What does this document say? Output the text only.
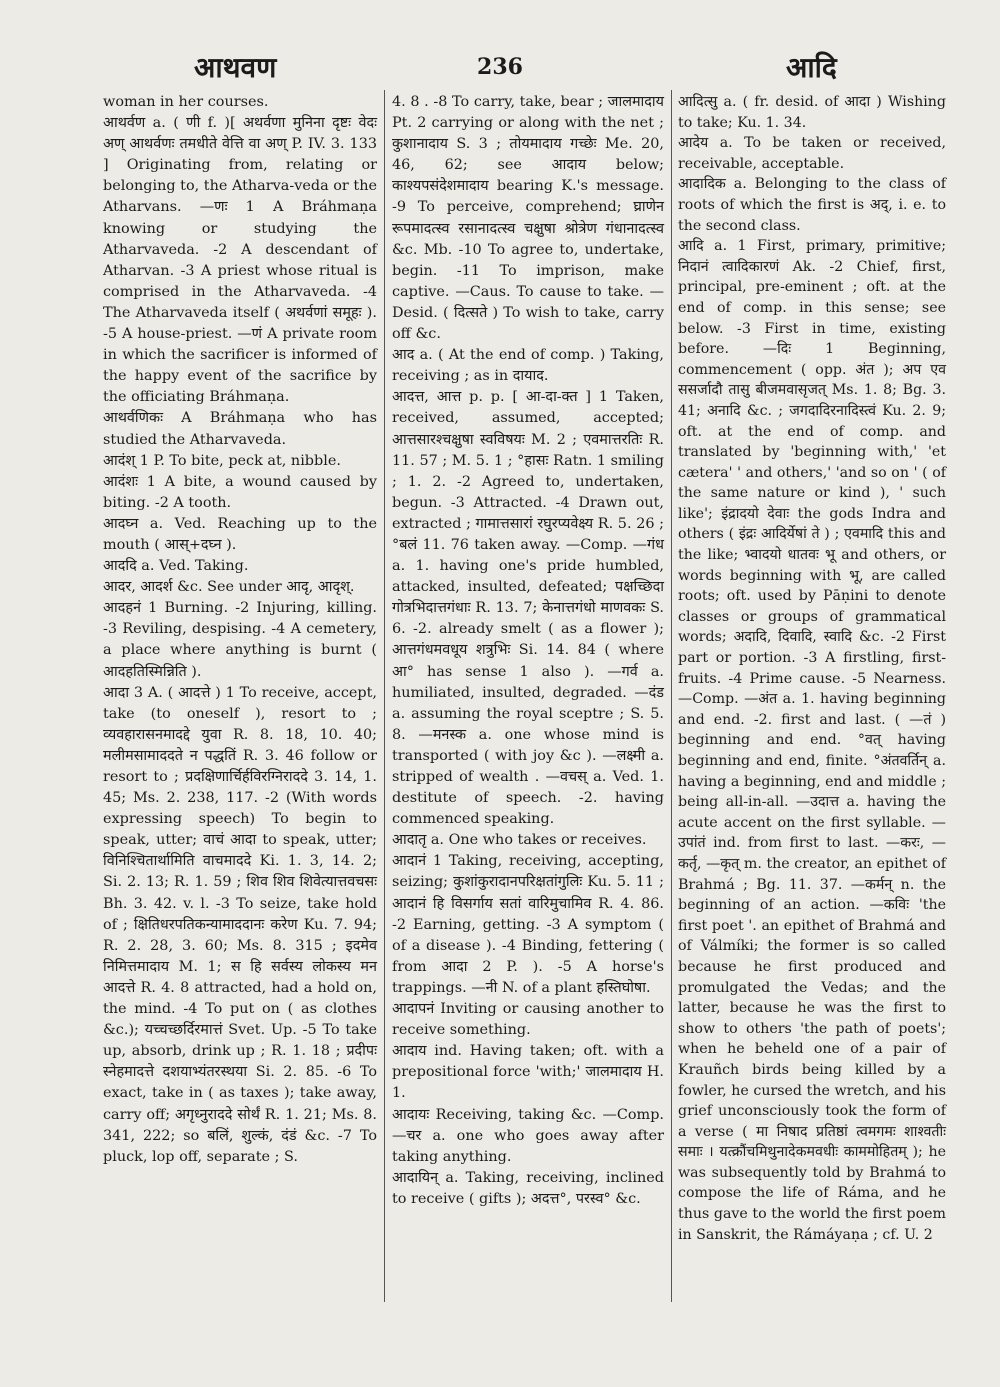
आथवण	236	आदि

woman in her courses.

आथर्वण a. ( णी f. )[ अथर्वणा मुनिना दृष्टः वेदः अण् आथर्वणः तमधीते वेत्ति वा अण् P. IV. 3. 133 ] Originating from, relating or belonging to, the Atharva-veda or the Atharvans. —णः 1 A Bráhmaṇa knowing or studying the Atharvaveda. -2 A descendant of Atharvan. -3 A priest whose ritual is comprised in the Atharvaveda. -4 The Atharvaveda itself ( अथर्वणां समूहः ). -5 A house-priest. —णं A private room in which the sacrificer is informed of the happy event of the sacrifice by the officiating Bráhmaṇa.

आथर्वणिकः A Bráhmaṇa who has studied the Atharvaveda.

आदंश् 1 P. To bite, peck at, nibble.

आदंशः 1 A bite, a wound caused by biting. -2 A tooth.

आदघ्न a. Ved. Reaching up to the mouth ( आस्+दघ्न ).

आददि a. Ved. Taking.

आदर, आदर्श &c. See under आदृ, आदृश्.

आदहनं 1 Burning. -2 Injuring, killing. -3 Reviling, despising. -4 A cemetery, a place where anything is burnt ( आदहतिस्मिन्निति ).

आदा 3 A. ( आदत्ते ) 1 To receive, accept, take (to oneself ), resort to ; व्यवहारासनमादद्दे युवा R. 8. 18, 10. 40; मलीमसामाददते न पद्धतिं R. 3. 46 follow or resort to ; प्रदक्षिणार्चिर्हविरग्निराददे 3. 14, 1. 45; Ms. 2. 238, 117. -2 (With words expressing speech) To begin to speak, utter; वाचं आदा to speak, utter; विनिश्चितार्थामिति वाचमाददे Ki. 1. 3, 14. 2; Si. 2. 13; R. 1. 59 ; शिव शिव शिवेत्यात्तवचसः Bh. 3. 42. v. l. -3 To seize, take hold of ; क्षितिधरपतिकन्यामाददानः करेण Ku. 7. 94; R. 2. 28, 3. 60; Ms. 8. 315 ; इदमेव निमित्तमादाय M. 1; स हि सर्वस्य लोकस्य मन आदत्ते R. 4. 8 attracted, had a hold on, the mind. -4 To put on ( as clothes &c.); यच्चच्छर्दिरमात्तं Svet. Up. -5 To take up, absorb, drink up ; R. 1. 18 ; प्रदीपः स्नेहमादत्ते दशयाभ्यंतरस्थया Si. 2. 85. -6 To exact, take in ( as taxes ); take away, carry off; अगृध्नुराददे सोर्थं R. 1. 21; Ms. 8. 341, 222; so बलिं, शुल्कं, दंडं &c. -7 To pluck, lop off, separate ; S.

4. 8 . -8 To carry, take, bear ; जालमादाय Pt. 2 carrying or along with the net ; कुशानादाय S. 3 ; तोयमादाय गच्छेः Me. 20, 46, 62; see आदाय below; काश्यपसंदेशमादाय bearing K.'s message. -9 To perceive, comprehend; घ्राणेन रूपमादत्स्व रसानादत्स्व चक्षुषा श्रोत्रेण गंधानादत्स्व &c. Mb. -10 To agree to, undertake, begin. -11 To imprison, make captive. —Caus. To cause to take. —Desid. ( दित्सते ) To wish to take, carry off &c.

आद a. ( At the end of comp. ) Taking, receiving ; as in दायाद.

आदत्त, आत्त p. p. [ आ-दा-क्त ] 1 Taken, received, assumed, accepted; आत्तसारश्चक्षुषा स्वविषयः M. 2 ; एवमात्तरतिः R. 11. 57 ; M. 5. 1 ; °हासः Ratn. 1 smiling ; 1. 2. -2 Agreed to, undertaken, begun. -3 Attracted. -4 Drawn out, extracted ; गामात्तसारां रघुरप्यवेक्ष्य R. 5. 26 ; °बलं 11. 76 taken away. —Comp. —गंध a. 1. having one's pride humbled, attacked, insulted, defeated; पक्षच्छिदा गोत्रभिदात्तगंधाः R. 13. 7; केनात्तगंधो माणवकः S. 6. -2. already smelt ( as a flower ); आत्तगंधमवधूय शत्रुभिः Si. 14. 84 ( where आ° has sense 1 also ). —गर्व a. humiliated, insulted, degraded. —दंड a. assuming the royal sceptre ; S. 5. 8. —मनस्क a. one whose mind is transported ( with joy &c ). —लक्ष्मी a. stripped of wealth . —वचस् a. Ved. 1. destitute of speech. -2. having commenced speaking.

आदातृ a. One who takes or receives.

आदानं 1 Taking, receiving, accepting, seizing; कुशांकुरादानपरिक्षतांगुलिः Ku. 5. 11 ; आदानं हि विसर्गाय सतां वारिमुचामिव R. 4. 86. -2 Earning, getting. -3 A symptom ( of a disease ). -4 Binding, fettering ( from आदा 2 P. ). -5 A horse's trappings. —नी N. of a plant हस्तिघोषा.

आदापनं Inviting or causing another to receive something.

आदाय ind. Having taken; oft. with a prepositional force 'with;' जालमादाय H. 1.

आदायः Receiving, taking &c. —Comp. —चर a. one who goes away after taking anything.

आदायिन् a. Taking, receiving, inclined to receive ( gifts ); अदत्त°, परस्व° &c.

आदित्सु a. ( fr. desid. of आदा ) Wishing to take; Ku. 1. 34.

आदेय a. To be taken or received, receivable, acceptable.

आदादिक a. Belonging to the class of roots of which the first is अद्, i. e. to the second class.

आदि a. 1 First, primary, primitive; निदानं त्वादिकारणं Ak. -2 Chief, first, principal, pre-eminent ; oft. at the end of comp. in this sense; see below. -3 First in time, existing before. —दिः 1 Beginning, commencement ( opp. अंत ); अप एव ससर्जादौ तासु बीजमवासृजत् Ms. 1. 8; Bg. 3. 41; अनादि &c. ; जगदादिरनादिस्त्वं Ku. 2. 9; oft. at the end of comp. and translated by 'beginning with,' 'et cætera' ' and others,' 'and so on ' ( of the same nature or kind ), ' such like'; इंद्रादयो देवाः the gods Indra and others ( इंद्रः आदिर्येषां ते ) ; एवमादि this and the like; भ्वादयो धातवः भू and others, or words beginning with भू, are called roots; oft. used by Pāṇini to denote classes or groups of grammatical words; अदादि, दिवादि, स्वादि &c. -2 First part or portion. -3 A firstling, first-fruits. -4 Prime cause. -5 Nearness. —Comp. —अंत a. 1. having beginning and end. -2. first and last. ( —तं ) beginning and end. °वत् having beginning and end, finite. °अंतवर्तिन् a. having a beginning, end and middle ; being all-in-all. —उदात्त a. having the acute accent on the first syllable. —उपांतं ind. from first to last. —करः, —कर्तृ, —कृत् m. the creator, an epithet of Brahmá ; Bg. 11. 37. —कर्मन् n. the beginning of an action. —कविः 'the first poet '. an epithet of Brahmá and of Válmíki; the former is so called because he first produced and promulgated the Vedas; and the latter, because he was the first to show to others 'the path of poets'; when he beheld one of a pair of Krauñch birds being killed by a fowler, he cursed the wretch, and his grief unconsciously took the form of a verse ( मा निषाद प्रतिष्ठां त्वमगमः शाश्वतीः समाः । यत्क्रौंचमिथुनादेकमवधीः काममोहितम् ); he was subsequently told by Brahmá to compose the life of Ráma, and he thus gave to the world the first poem in Sanskrit, the Rámáyaṇa ; cf. U. 2
